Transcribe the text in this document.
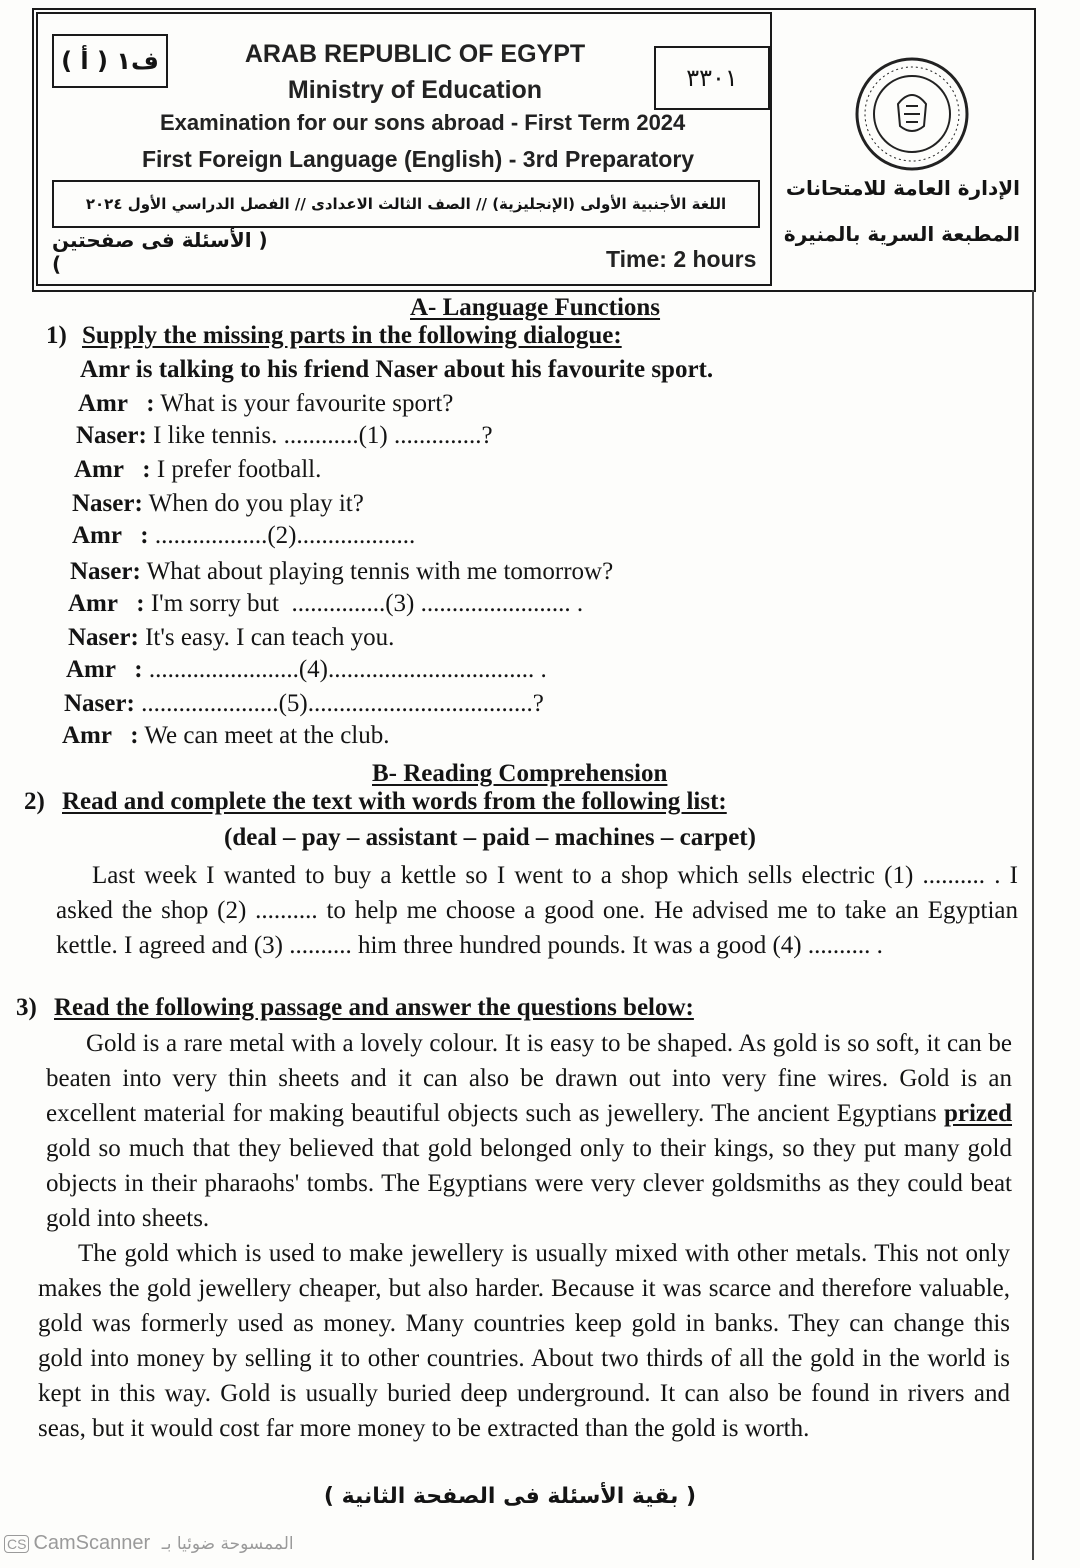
ف١ ( أ )
٣٣٠١
ARAB REPUBLIC OF EGYPT
Ministry of Education
Examination for our sons abroad - First Term 2024
First Foreign Language (English) - 3rd Preparatory
اللغة الأجنبية الأولى (الإنجليزية) // الصف الثالث الاعدادى // الفصل الدراسي الأول ٢٠٢٤
( الأسئلة فى صفحتين )	Time: 2 hours
الإدارة العامة للامتحانات
المطبعة السرية بالمنيرة
A- Language Functions
1) Supply the missing parts in the following dialogue:
Amr is talking to his friend Naser about his favourite sport.
Amr   : What is your favourite sport?
Naser: I like tennis. ............(1) ..............?
Amr   : I prefer football.
Naser: When do you play it?
Amr   : ..................(2)...................
Naser: What about playing tennis with me tomorrow?
Amr   : I'm sorry but  ...............(3) ........................ .
Naser: It's easy. I can teach you.
Amr   : ........................(4)................................. .
Naser: ......................(5)....................................?
Amr   : We can meet at the club.
B- Reading Comprehension
2) Read and complete the text with words from the following list:
(deal – pay – assistant – paid – machines – carpet)
Last week I wanted to buy a kettle so I went to a shop which sells electric (1) .......... . I asked the shop (2) .......... to help me choose a good one. He advised me to take an Egyptian kettle. I agreed and (3) .......... him three hundred pounds. It was a good (4) .......... .
3) Read the following passage and answer the questions below:
Gold is a rare metal with a lovely colour. It is easy to be shaped. As gold is so soft, it can be beaten into very thin sheets and it can also be drawn out into very fine wires. Gold is an excellent material for making beautiful objects such as jewellery. The ancient Egyptians prized gold so much that they believed that gold belonged only to their kings, so they put many gold objects in their pharaohs' tombs. The Egyptians were very clever goldsmiths as they could beat gold into sheets.
The gold which is used to make jewellery is usually mixed with other metals. This not only makes the gold jewellery cheaper, but also harder. Because it was scarce and therefore valuable, gold was formerly used as money. Many countries keep gold in banks. They can change this gold into money by selling it to other countries. About two thirds of all the gold in the world is kept in this way. Gold is usually buried deep underground. It can also be found in rivers and seas, but it would cost far more money to be extracted than the gold is worth.
( بقية الأسئلة فى الصفحة الثانية )
CS CamScanner الممسوحة ضوئيا بـ
